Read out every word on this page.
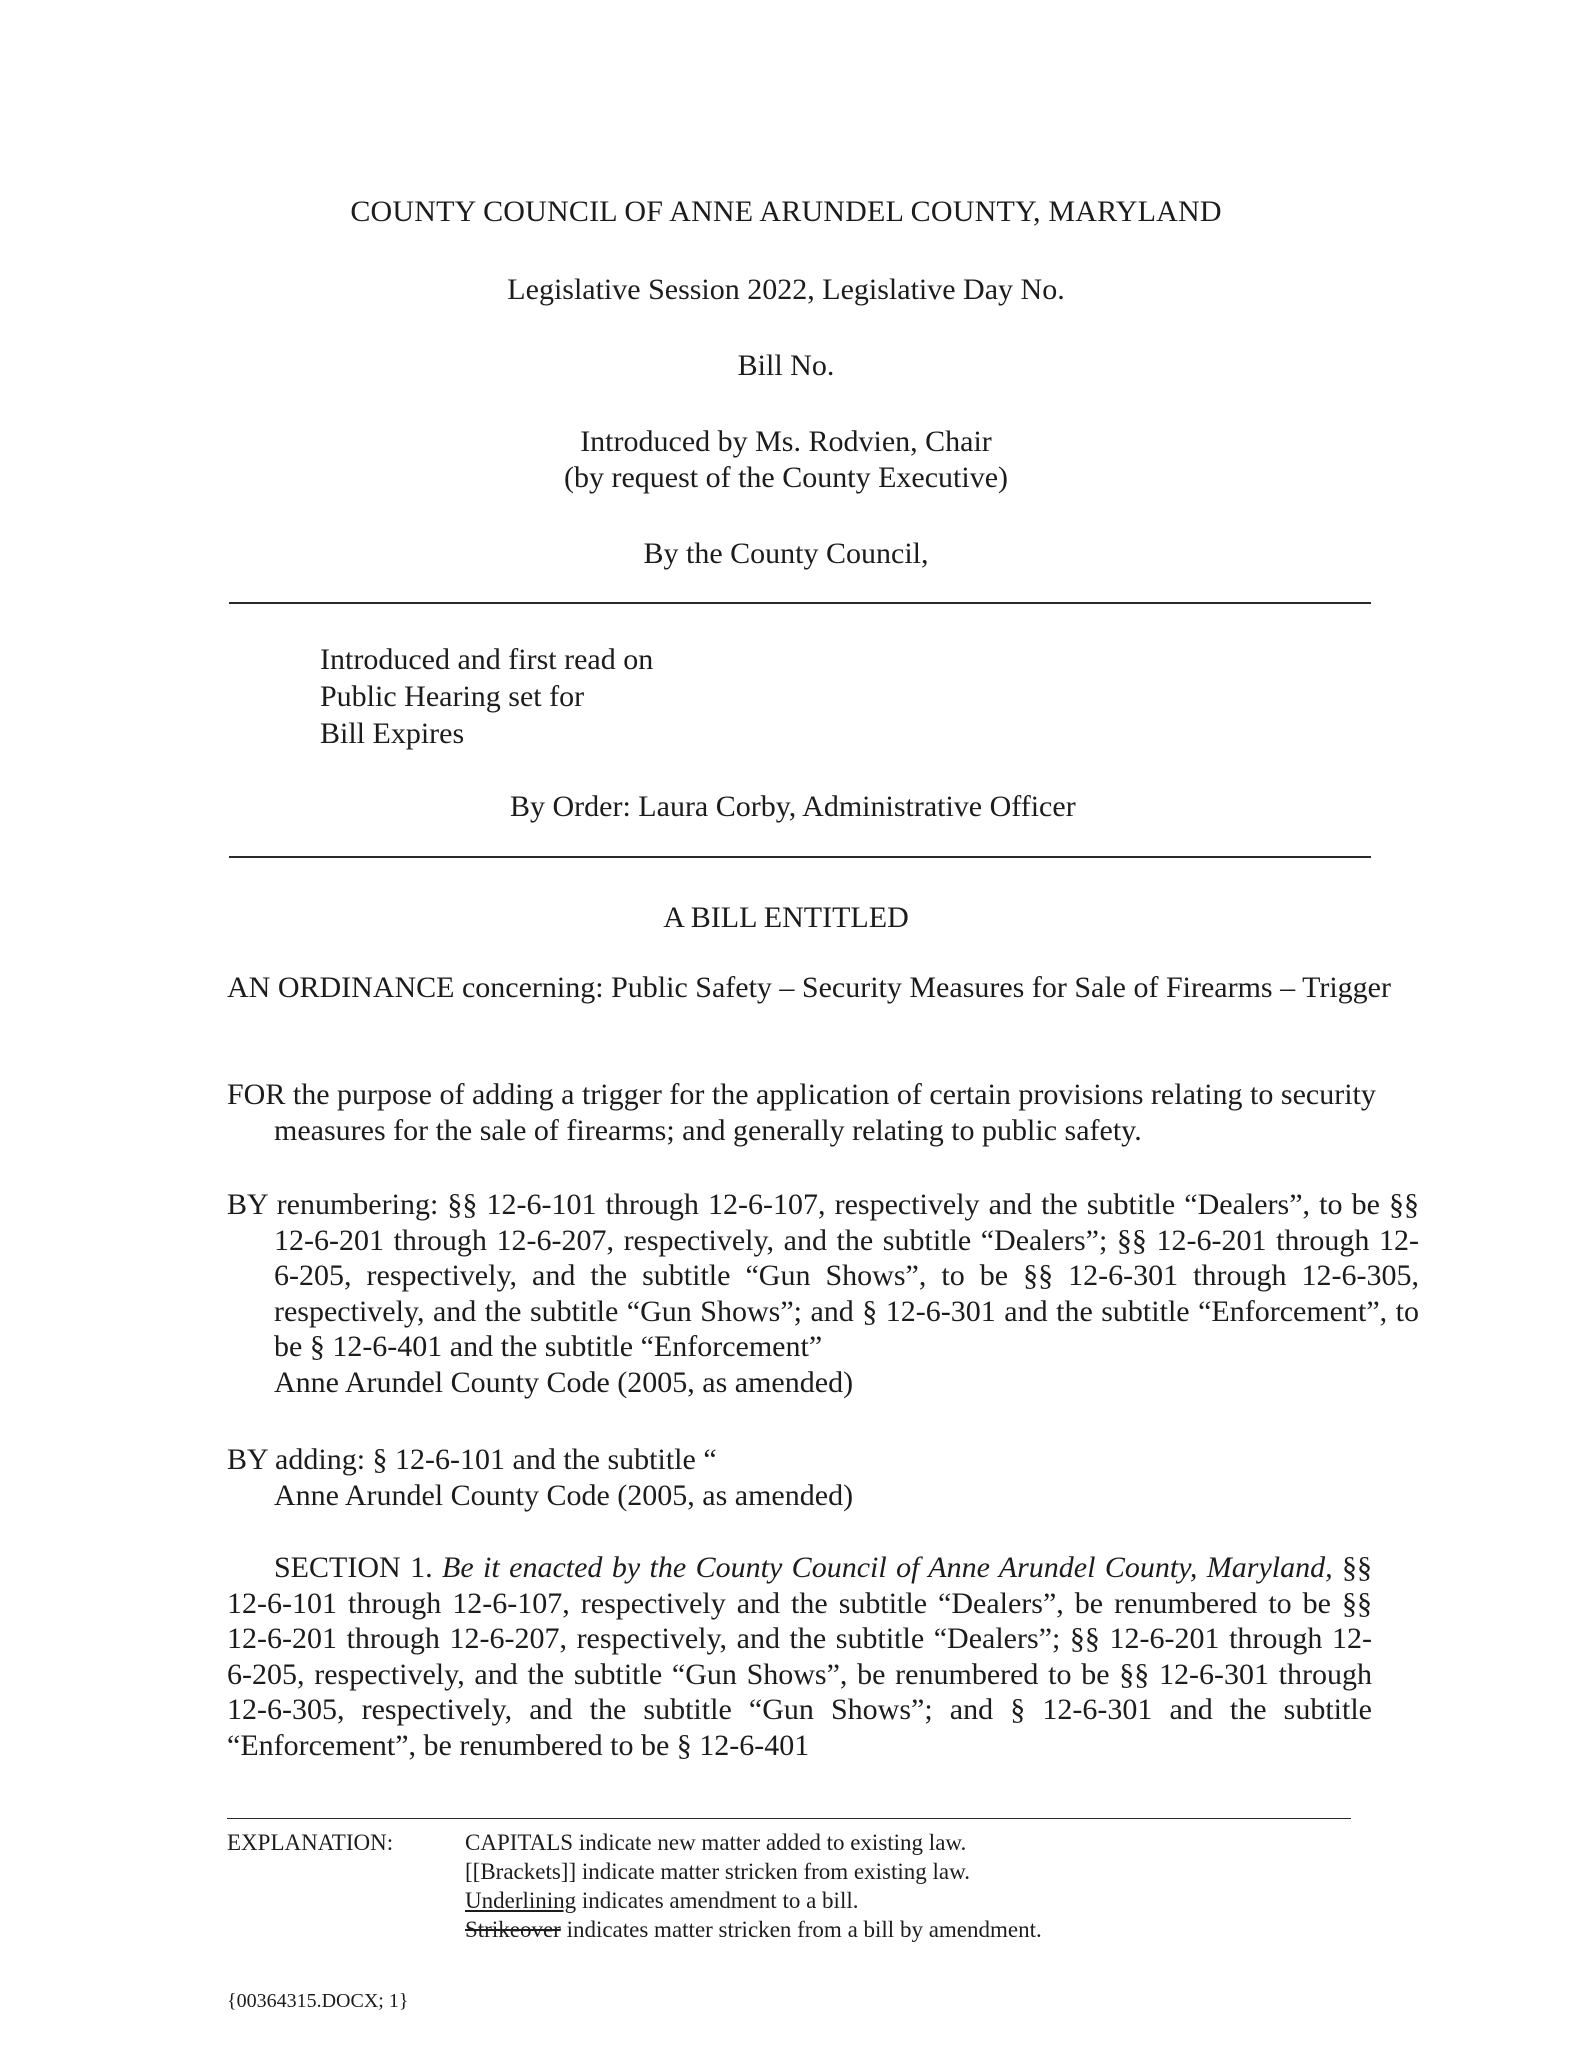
COUNTY COUNCIL OF ANNE ARUNDEL COUNTY, MARYLAND
Legislative Session 2022, Legislative Day No.
Bill No.
Introduced by Ms. Rodvien, Chair
(by request of the County Executive)
By the County Council,
Introduced and first read on
Public Hearing set for
Bill Expires
By Order: Laura Corby, Administrative Officer
A BILL ENTITLED
AN ORDINANCE concerning: Public Safety – Security Measures for Sale of Firearms – Trigger
FOR the purpose of adding a trigger for the application of certain provisions relating to security measures for the sale of firearms; and generally relating to public safety.
BY renumbering: §§ 12-6-101 through 12-6-107, respectively and the subtitle “Dealers”, to be §§ 12-6-201 through 12-6-207, respectively, and the subtitle “Dealers”; §§ 12-6-201 through 12-6-205, respectively, and the subtitle “Gun Shows”, to be §§ 12-6-301 through 12-6-305, respectively, and the subtitle “Gun Shows”; and § 12-6-301 and the subtitle “Enforcement”, to be § 12-6-401 and the subtitle “Enforcement”
Anne Arundel County Code (2005, as amended)
BY adding: § 12-6-101 and the subtitle “
Anne Arundel County Code (2005, as amended)
SECTION 1. Be it enacted by the County Council of Anne Arundel County, Maryland, §§ 12-6-101 through 12-6-107, respectively and the subtitle “Dealers”, be renumbered to be §§ 12-6-201 through 12-6-207, respectively, and the subtitle “Dealers”; §§ 12-6-201 through 12-6-205, respectively, and the subtitle “Gun Shows”, be renumbered to be §§ 12-6-301 through 12-6-305, respectively, and the subtitle “Gun Shows”; and § 12-6-301 and the subtitle “Enforcement”, be renumbered to be § 12-6-401
EXPLANATION:	CAPITALS indicate new matter added to existing law.
[[Brackets]] indicate matter stricken from existing law.
Underlining indicates amendment to a bill.
Strikeover indicates matter stricken from a bill by amendment.
{00364315.DOCX; 1}
